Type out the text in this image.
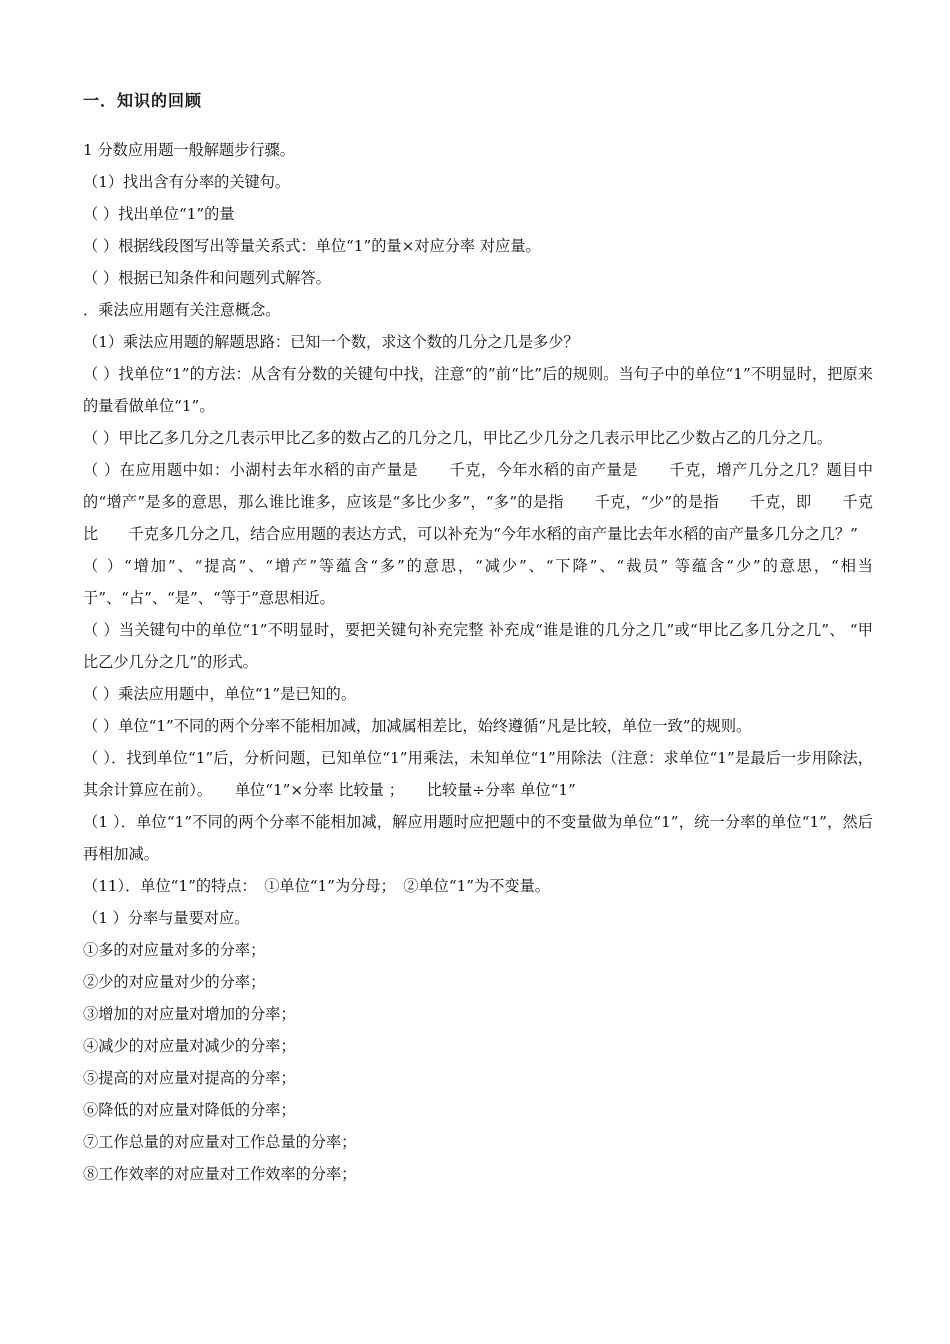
一．知识的回顾

1 分数应用题一般解题步行骤。

（1）找出含有分率的关键句。

（ ）找出单位“1”的量

（ ）根据线段图写出等量关系式：单位“1”的量×对应分率 对应量。

（ ）根据已知条件和问题列式解答。

．乘法应用题有关注意概念。

（1）乘法应用题的解题思路：已知一个数，求这个数的几分之几是多少？

（ ）找单位“1”的方法：从含有分数的关键句中找，注意“的”前“比”后的规则。当句子中的单位“1”不明显时，把原来的量看做单位“1”。

（ ）甲比乙多几分之几表示甲比乙多的数占乙的几分之几，甲比乙少几分之几表示甲比乙少数占乙的几分之几。

（ ）在应用题中如：小湖村去年水稻的亩产量是　　千克，今年水稻的亩产量是　　千克，增产几分之几？题目中的“增产”是多的意思，那么谁比谁多，应该是“多比少多”，“多”的是指　　千克，“少”的是指　　千克，即　　千克比　　千克多几分之几，结合应用题的表达方式，可以补充为“今年水稻的亩产量比去年水稻的亩产量多几分之几？”

（ ）“增加”、“提高”、“增产”等蕴含“多”的意思，“减少”、“下降”、“裁员” 等蕴含“少”的意思，“相当于”、“占”、“是”、“等于”意思相近。

（ ）当关键句中的单位“1”不明显时，要把关键句补充完整 补充成“谁是谁的几分之几”或“甲比乙多几分之几”、 “甲比乙少几分之几”的形式。

（ ）乘法应用题中，单位“1”是已知的。

（ ）单位“1”不同的两个分率不能相加减，加减属相差比，始终遵循“凡是比较，单位一致”的规则。

（ ）．找到单位“1”后，分析问题，已知单位“1”用乘法，未知单位“1”用除法（注意：求单位“1”是最后一步用除法，其余计算应在前）。　　单位“1”×分率 比较量 ；　　比较量÷分率 单位“1”

（1 ）．单位“1”不同的两个分率不能相加减，解应用题时应把题中的不变量做为单位“1”，统一分率的单位“1”，然后再相加减。

（11）．单位“1”的特点：　①单位“1”为分母；　②单位“1”为不变量。

（1 ）分率与量要对应。

①多的对应量对多的分率；

②少的对应量对少的分率；

③增加的对应量对增加的分率；

④减少的对应量对减少的分率；

⑤提高的对应量对提高的分率；

⑥降低的对应量对降低的分率；

⑦工作总量的对应量对工作总量的分率；

⑧工作效率的对应量对工作效率的分率；
